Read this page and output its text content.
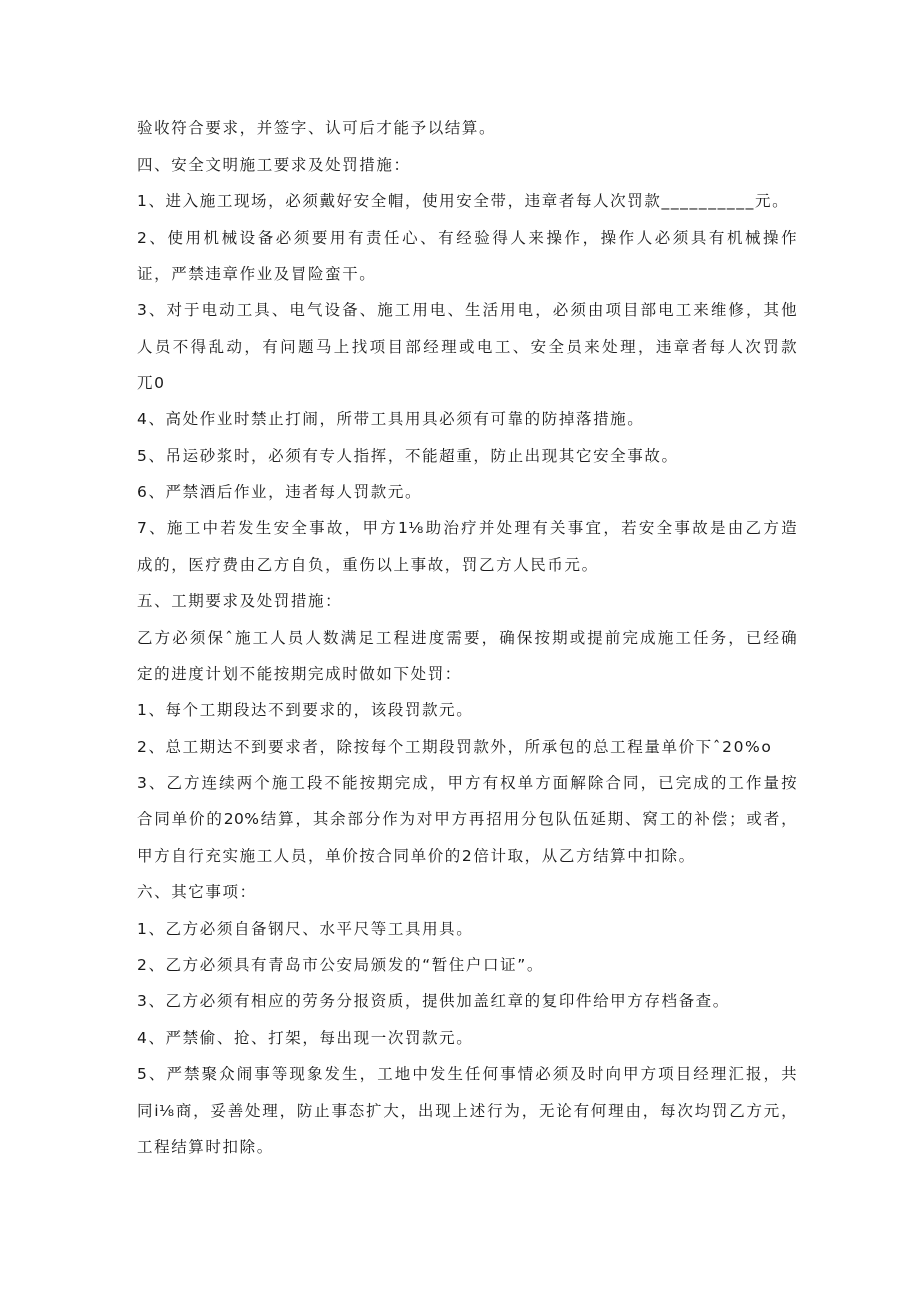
验收符合要求，并签字、认可后才能予以结算。
四、安全文明施工要求及处罚措施：
1、进入施工现场，必须戴好安全帽，使用安全带，违章者每人次罚款__________元。
2、使用机械设备必须要用有责任心、有经验得人来操作，操作人必须具有机械操作
证，严禁违章作业及冒险蛮干。
3、对于电动工具、电气设备、施工用电、生活用电，必须由项目部电工来维修，其他
人员不得乱动，有问题马上找项目部经理或电工、安全员来处理，违章者每人次罚款
兀0
4、高处作业时禁止打闹，所带工具用具必须有可靠的防掉落措施。
5、吊运砂浆时，必须有专人指挥，不能超重，防止出现其它安全事故。
6、严禁酒后作业，违者每人罚款元。
7、施工中若发生安全事故，甲方1⅛助治疗并处理有关事宜，若安全事故是由乙方造
成的，医疗费由乙方自负，重伤以上事故，罚乙方人民币元。
五、工期要求及处罚措施：
乙方必须保ˆ施工人员人数满足工程进度需要，确保按期或提前完成施工任务，已经确
定的进度计划不能按期完成时做如下处罚：
1、每个工期段达不到要求的，该段罚款元。
2、总工期达不到要求者，除按每个工期段罚款外，所承包的总工程量单价下ˆ20%o
3、乙方连续两个施工段不能按期完成，甲方有权单方面解除合同，已完成的工作量按
合同单价的20%结算，其余部分作为对甲方再招用分包队伍延期、窝工的补偿；或者，
甲方自行充实施工人员，单价按合同单价的2倍计取，从乙方结算中扣除。
六、其它事项：
1、乙方必须自备钢尺、水平尺等工具用具。
2、乙方必须具有青岛市公安局颁发的“暂住户口证”。
3、乙方必须有相应的劳务分报资质，提供加盖红章的复印件给甲方存档备查。
4、严禁偷、抢、打架，每出现一次罚款元。
5、严禁聚众闹事等现象发生，工地中发生任何事情必须及时向甲方项目经理汇报，共
同i⅛商，妥善处理，防止事态扩大，出现上述行为，无论有何理由，每次均罚乙方元，
工程结算时扣除。
